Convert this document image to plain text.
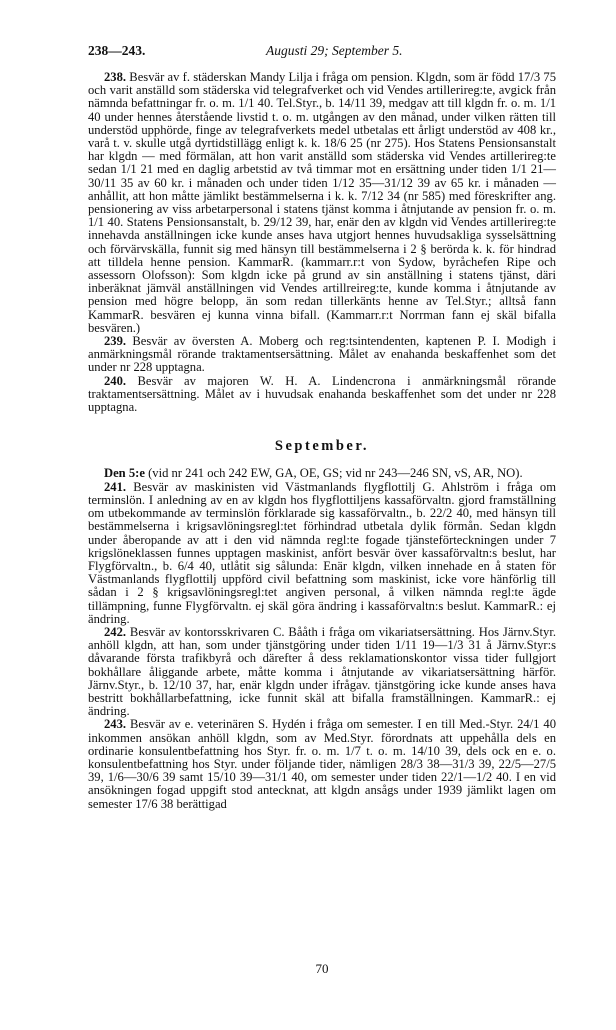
238—243.	Augusti 29; September 5.

238. Besvär av f. städerskan Mandy Lilja i fråga om pension. Klgdn, som är född 17/3 75 och varit anställd som städerska vid telegrafverket och vid Vendes artillerireg:te, avgick från nämnda befattningar fr. o. m. 1/1 40. Tel.Styr., b. 14/11 39, medgav att till klgdn fr. o. m. 1/1 40 under hennes återstående livstid t. o. m. utgången av den månad, under vilken rätten till understöd upphörde, finge av telegrafverkets medel utbetalas ett årligt understöd av 408 kr., varå t. v. skulle utgå dyrtidstillägg enligt k. k. 18/6 25 (nr 275). Hos Statens Pensionsanstalt har klgdn — med förmälan, att hon varit anställd som städerska vid Vendes artillerireg:te sedan 1/1 21 med en daglig arbetstid av två timmar mot en ersättning under tiden 1/1 21—30/11 35 av 60 kr. i månaden och under tiden 1/12 35—31/12 39 av 65 kr. i månaden — anhållit, att hon måtte jämlikt bestämmelserna i k. k. 7/12 34 (nr 585) med föreskrifter ang. pensionering av viss arbetarpersonal i statens tjänst komma i åtnjutande av pension fr. o. m. 1/1 40. Statens Pensionsanstalt, b. 29/12 39, har, enär den av klgdn vid Vendes artillerireg:te innehavda anställningen icke kunde anses hava utgjort hennes huvudsakliga sysselsättning och förvärvskälla, funnit sig med hänsyn till bestämmelserna i 2 § berörda k. k. för hindrad att tilldela henne pension. KammarR. (kammarr.r:t von Sydow, byråchefen Ripe och assessorn Olofsson): Som klgdn icke på grund av sin anställning i statens tjänst, däri inberäknat jämväl anställningen vid Vendes artillreireg:te, kunde komma i åtnjutande av pension med högre belopp, än som redan tillerkänts henne av Tel.Styr.; alltså fann KammarR. besvären ej kunna vinna bifall. (Kammarr.r:t Norrman fann ej skäl bifalla besvären.)

239. Besvär av översten A. Moberg och reg:tsintendenten, kaptenen P. I. Modigh i anmärkningsmål rörande traktamentsersättning. Målet av enahanda beskaffenhet som det under nr 228 upptagna.

240. Besvär av majoren W. H. A. Lindencrona i anmärkningsmål rörande traktamentsersättning. Målet av i huvudsak enahanda beskaffenhet som det under nr 228 upptagna.

September.

Den 5:e (vid nr 241 och 242 EW, GA, OE, GS; vid nr 243—246 SN, vS, AR, NO).

241. Besvär av maskinisten vid Västmanlands flygflottilj G. Ahlström i fråga om terminslön. I anledning av en av klgdn hos flygflottiljens kassaförvaltn. gjord framställning om utbekommande av terminslön förklarade sig kassaförvaltn., b. 22/2 40, med hänsyn till bestämmelserna i krigsavlöningsregl:tet förhindrad utbetala dylik förmån. Sedan klgdn under åberopande av att i den vid nämnda regl:te fogade tjänsteförteckningen under 7 krigslöneklassen funnes upptagen maskinist, anfört besvär över kassaförvaltn:s beslut, har Flygförvaltn., b. 6/4 40, utlåtit sig sålunda: Enär klgdn, vilken innehade en å staten för Västmanlands flygflottilj uppförd civil befattning som maskinist, icke vore hänförlig till sådan i 2 § krigsavlöningsregl:tet angiven personal, å vilken nämnda regl:te ägde tillämpning, funne Flygförvaltn. ej skäl göra ändring i kassaförvaltn:s beslut. KammarR.: ej ändring.

242. Besvär av kontorsskrivaren C. Bååth i fråga om vikariatsersättning. Hos Järnv.Styr. anhöll klgdn, att han, som under tjänstgöring under tiden 1/11 19—1/3 31 å Järnv.Styr:s dåvarande första trafikbyrå och därefter å dess reklamationskontor vissa tider fullgjort bokhållare åliggande arbete, måtte komma i åtnjutande av vikariatsersättning härför. Järnv.Styr., b. 12/10 37, har, enär klgdn under ifrågav. tjänstgöring icke kunde anses hava bestritt bokhållarbefattning, icke funnit skäl att bifalla framställningen. KammarR.: ej ändring.

243. Besvär av e. veterinären S. Hydén i fråga om semester. I en till Med.-Styr. 24/1 40 inkommen ansökan anhöll klgdn, som av Med.Styr. förordnats att uppehålla dels en ordinarie konsulentbefattning hos Styr. fr. o. m. 1/7 t. o. m. 14/10 39, dels ock en e. o. konsulentbefattning hos Styr. under följande tider, nämligen 28/3 38—31/3 39, 22/5—27/5 39, 1/6—30/6 39 samt 15/10 39—31/1 40, om semester under tiden 22/1—1/2 40. I en vid ansökningen fogad uppgift stod antecknat, att klgdn ansågs under 1939 jämlikt lagen om semester 17/6 38 berättigad

70
